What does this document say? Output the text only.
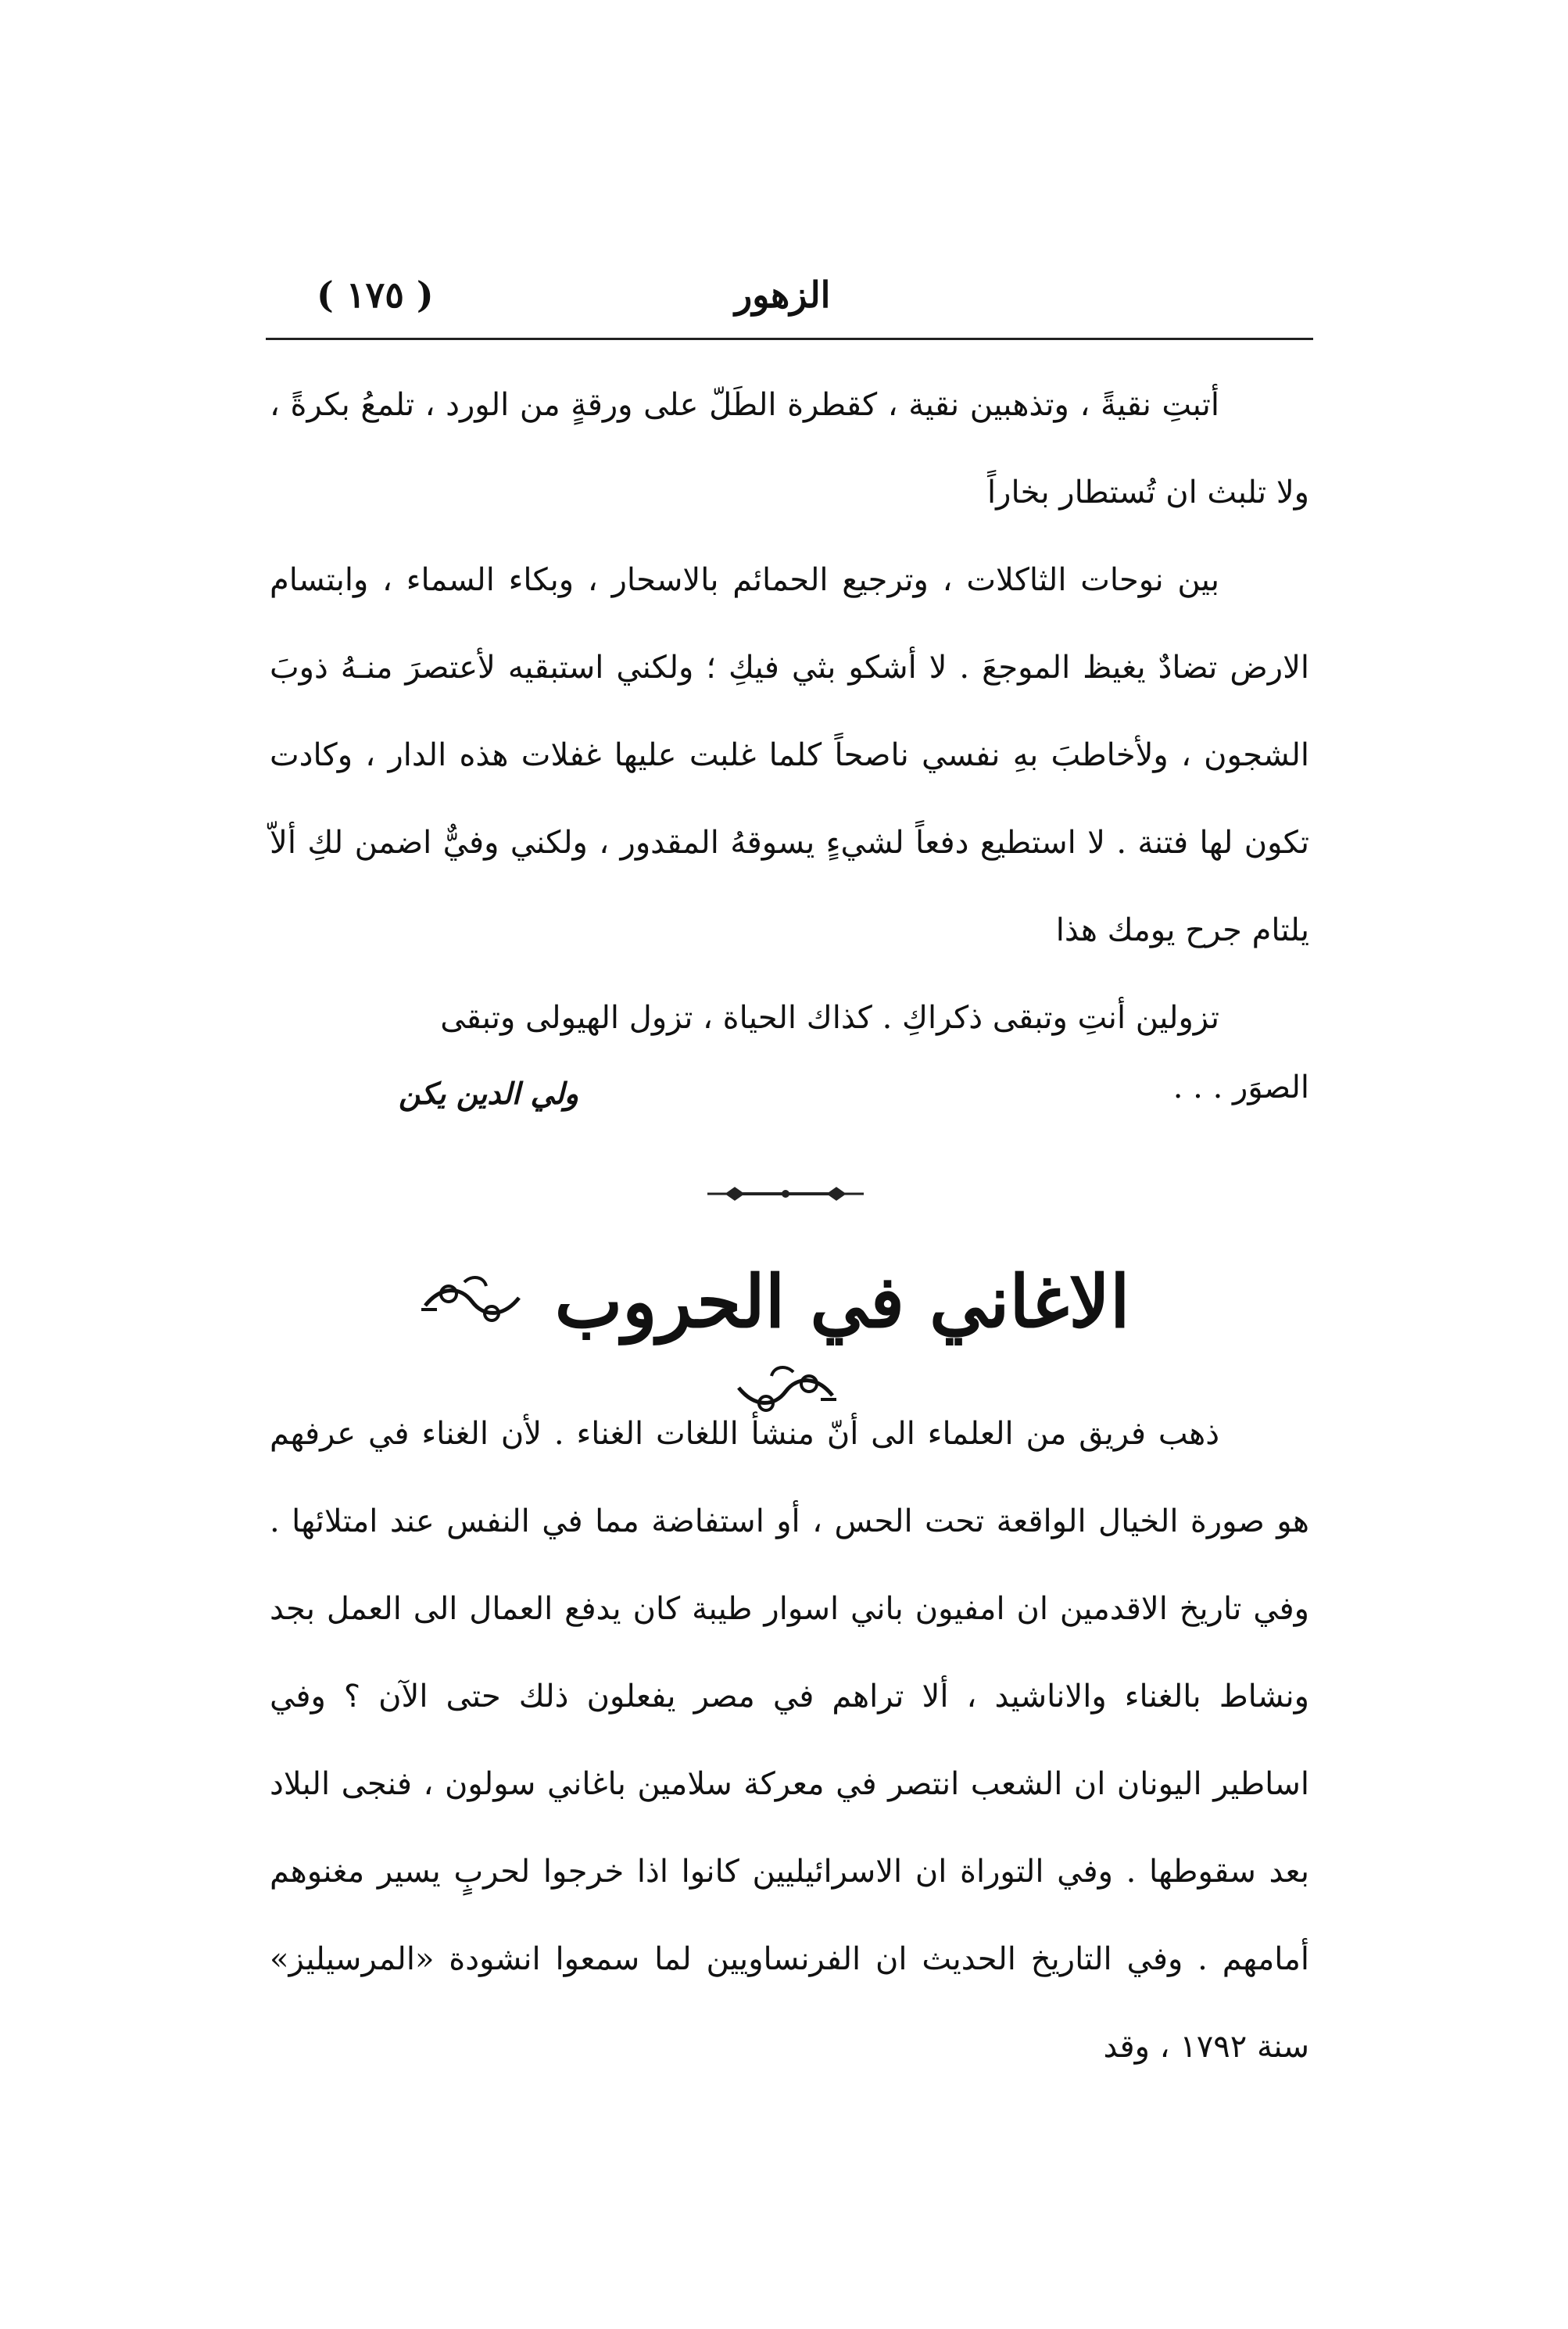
( ١٧٥ )	الزهور

أتبتِ نقيةً ، وتذهبين نقية ، كقطرة الطَلّ على ورقةٍ من الورد ، تلمعُ بكرةً ، ولا تلبث ان تُستطار بخاراً

بين نوحات الثاكلات ، وترجيع الحمائم بالاسحار ، وبكاء السماء ، وابتسام الارض تضادٌ يغيظ الموجعَ . لا أشكو بثي فيكِ ؛ ولكني استبقيه لأعتصرَ منـهُ ذوبَ الشجون ، ولأخاطبَ بهِ نفسي ناصحاً كلما غلبت عليها غفلات هذه الدار ، وكادت تكون لها فتنة . لا استطيع دفعاً لشيءٍ يسوقهُ المقدور ، ولكني وفيٌّ اضمن لكِ ألاّ يلتام جرح يومك هذا

تزولين أنتِ وتبقى ذكراكِ . كذاك الحياة ، تزول الهيولى وتبقى

الصوَر . . .
ولي الدين يكن
الاغاني في الحروب

ذهب فريق من العلماء الى أنّ منشأ اللغات الغناء . لأن الغناء في عرفهم هو صورة الخيال الواقعة تحت الحس ، أو استفاضة مما في النفس عند امتلائها . وفي تاريخ الاقدمين ان امفيون باني اسوار طيبة كان يدفع العمال الى العمل بجد ونشاط بالغناء والاناشيد ، ألا تراهم في مصر يفعلون ذلك حتى الآن ؟ وفي اساطير اليونان ان الشعب انتصر في معركة سلامين باغاني سولون ، فنجى البلاد بعد سقوطها . وفي التوراة ان الاسرائيليين كانوا اذا خرجوا لحربٍ يسير مغنوهم أمامهم . وفي التاريخ الحديث ان الفرنساويين لما سمعوا انشودة «المرسيليز» سنة ١٧٩٢ ، وقد
